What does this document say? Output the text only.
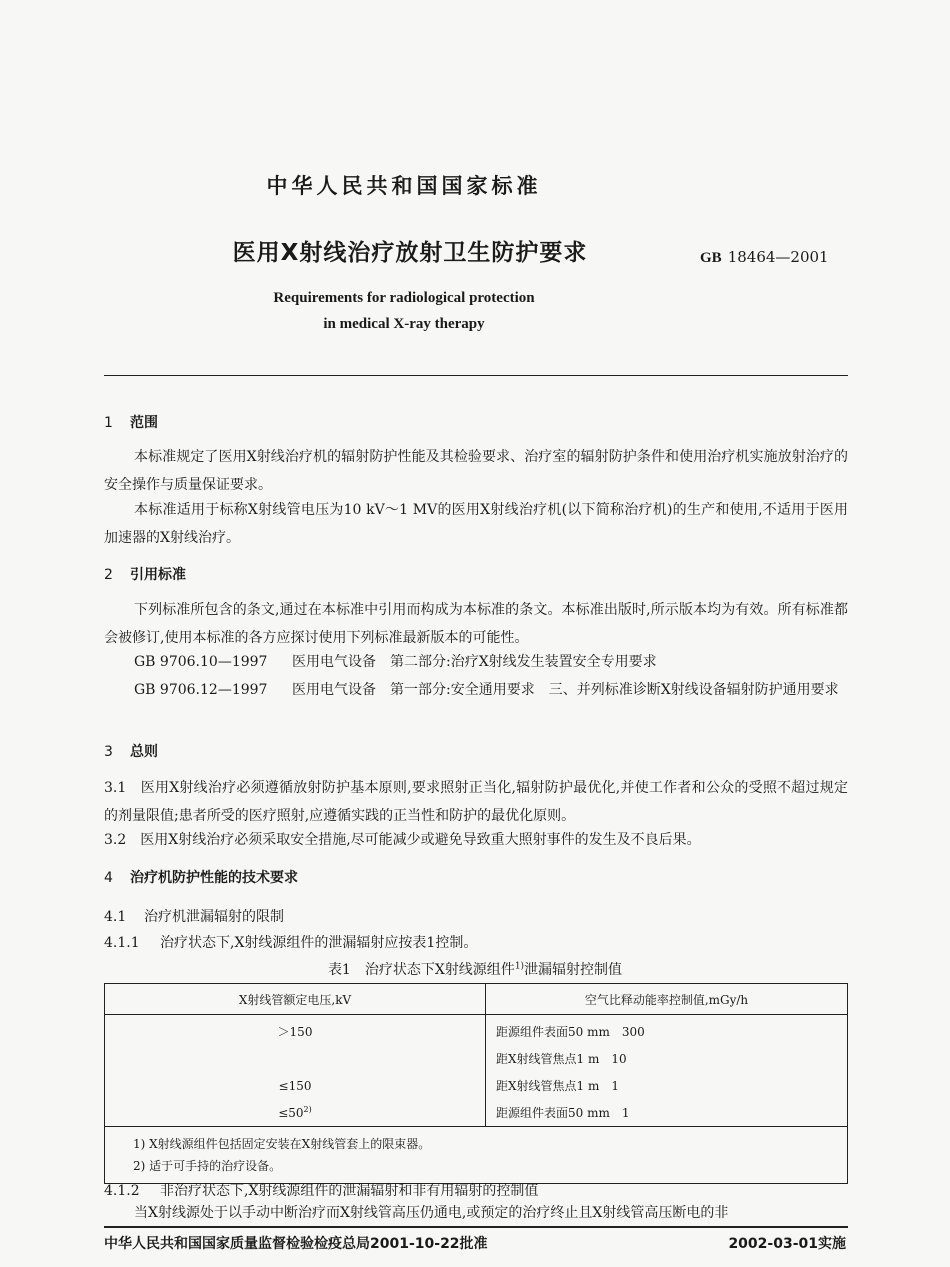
中华人民共和国国家标准
医用X射线治疗放射卫生防护要求	GB 18464—2001
Requirements for radiological protection
in medical X-ray therapy
1 范围
本标准规定了医用X射线治疗机的辐射防护性能及其检验要求、治疗室的辐射防护条件和使用治疗机实施放射治疗的安全操作与质量保证要求。
本标准适用于标称X射线管电压为10 kV～1 MV的医用X射线治疗机(以下简称治疗机)的生产和使用,不适用于医用加速器的X射线治疗。
2 引用标准
下列标准所包含的条文,通过在本标准中引用而构成为本标准的条文。本标准出版时,所示版本均为有效。所有标准都会被修订,使用本标准的各方应探讨使用下列标准最新版本的可能性。
GB 9706.10—1997 医用电气设备　第二部分:治疗X射线发生装置安全专用要求
GB 9706.12—1997 医用电气设备　第一部分:安全通用要求　三、并列标准诊断X射线设备辐射防护通用要求
3 总则
3.1　医用X射线治疗必须遵循放射防护基本原则,要求照射正当化,辐射防护最优化,并使工作者和公众的受照不超过规定的剂量限值;患者所受的医疗照射,应遵循实践的正当性和防护的最优化原则。
3.2　医用X射线治疗必须采取安全措施,尽可能减少或避免导致重大照射事件的发生及不良后果。
4 治疗机防护性能的技术要求
4.1 治疗机泄漏辐射的限制
4.1.1 治疗状态下,X射线源组件的泄漏辐射应按表1控制。
表1　治疗状态下X射线源组件$^{1)}$泄漏辐射控制值
X射线管额定电压,kV	空气比释动能率控制值,mGy/h
＞150	距源组件表面50 mm　300
	距X射线管焦点1 m　10
≤150	距X射线管焦点1 m　1
$\le 50^{2)}$	距源组件表面50 mm　1

1) X射线源组件包括固定安装在X射线管套上的限束器。
2) 适于可手持的治疗设备。	
4.1.2 非治疗状态下,X射线源组件的泄漏辐射和非有用辐射的控制值
当X射线源处于以手动中断治疗而X射线管高压仍通电,或预定的治疗终止且X射线管高压断电的非
中华人民共和国国家质量监督检验检疫总局2001-10-22批准	2002-03-01实施
